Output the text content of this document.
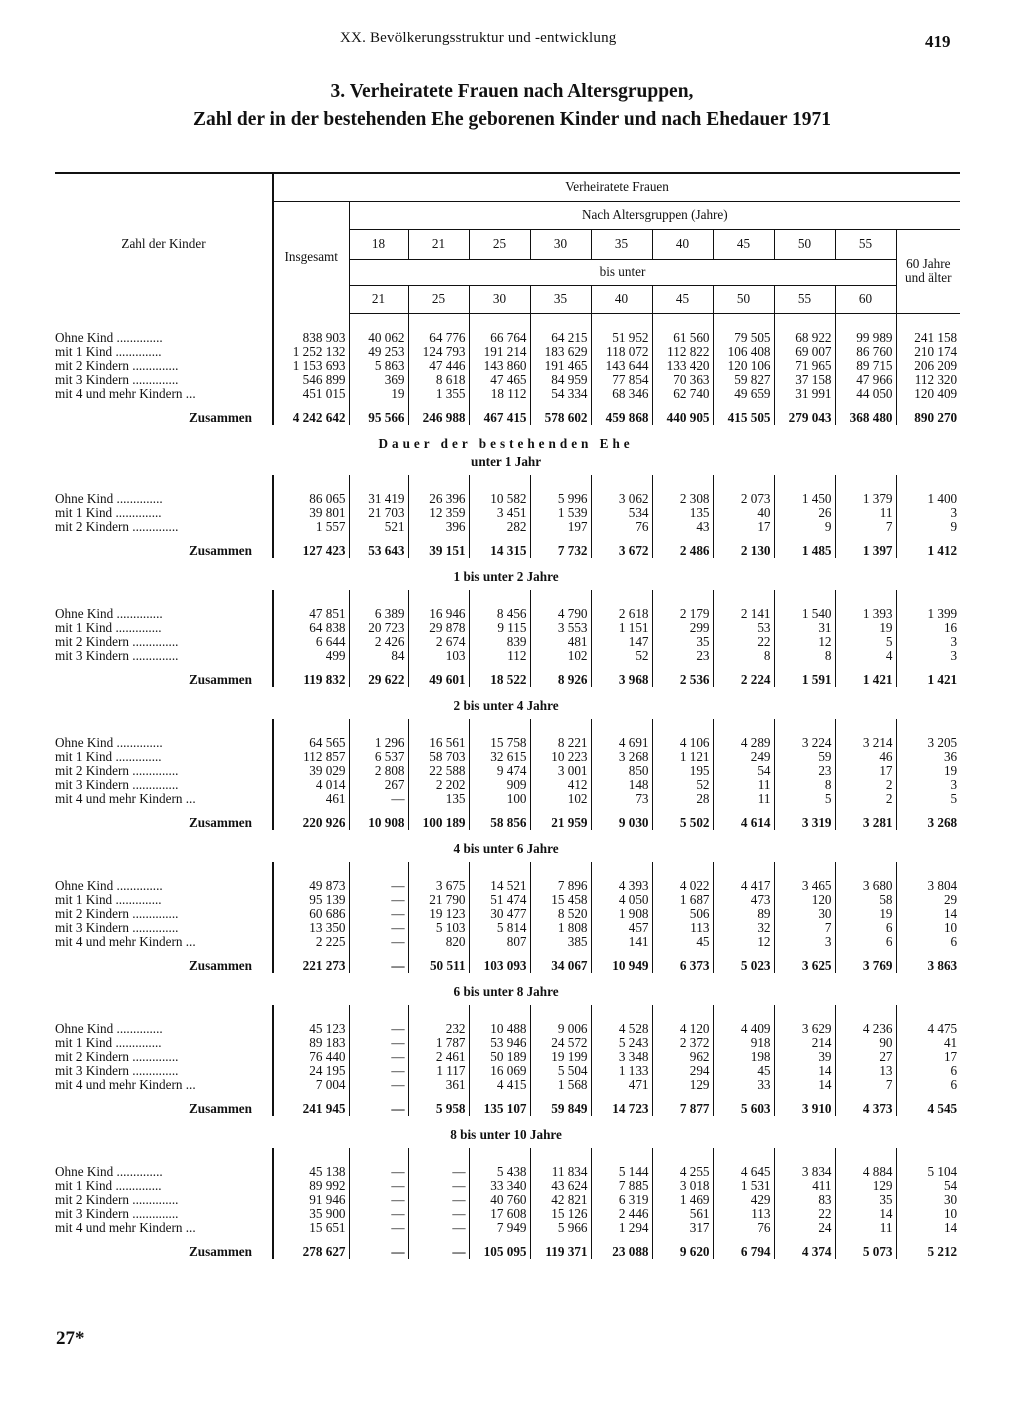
XX. Bevölkerungsstruktur und -entwicklung	419
3. Verheiratete Frauen nach Altersgruppen,
Zahl der in der bestehenden Ehe geborenen Kinder und nach Ehedauer 1971
Zahl der Kinder	Verheiratete Frauen										
	Insgesamt	Nach Altersgruppen (Jahre)									
		18	21	25	30	35	40	45	50	55	60 Jahre und älter
		bis unter									
		21	25	30	35	40	45	50	55	60	

Ohne Kind ..............	838 903	40 062	64 776	66 764	64 215	51 952	61 560	79 505	68 922	99 989	241 158
mit 1 Kind ..............	1 252 132	49 253	124 793	191 214	183 629	118 072	112 822	106 408	69 007	86 760	210 174
mit 2 Kindern ..............	1 153 693	5 863	47 446	143 860	191 465	143 644	133 420	120 106	71 965	89 715	206 209
mit 3 Kindern ..............	546 899	369	8 618	47 465	84 959	77 854	70 363	59 827	37 158	47 966	112 320
mit 4 und mehr Kindern ...	451 015	19	1 355	18 112	54 334	68 346	62 740	49 659	31 991	44 050	120 409
Zusammen	4 242 642	95 566	246 988	467 415	578 602	459 868	440 905	415 505	279 043	368 480	890 270

Dauer der bestehenden Ehe
unter 1 Jahr											

Ohne Kind ..............	86 065	31 419	26 396	10 582	5 996	3 062	2 308	2 073	1 450	1 379	1 400
mit 1 Kind ..............	39 801	21 703	12 359	3 451	1 539	534	135	40	26	11	3
mit 2 Kindern ..............	1 557	521	396	282	197	76	43	17	9	7	9
Zusammen	127 423	53 643	39 151	14 315	7 732	3 672	2 486	2 130	1 485	1 397	1 412

1 bis unter 2 Jahre											

Ohne Kind ..............	47 851	6 389	16 946	8 456	4 790	2 618	2 179	2 141	1 540	1 393	1 399
mit 1 Kind ..............	64 838	20 723	29 878	9 115	3 553	1 151	299	53	31	19	16
mit 2 Kindern ..............	6 644	2 426	2 674	839	481	147	35	22	12	5	3
mit 3 Kindern ..............	499	84	103	112	102	52	23	8	8	4	3
Zusammen	119 832	29 622	49 601	18 522	8 926	3 968	2 536	2 224	1 591	1 421	1 421

2 bis unter 4 Jahre											

Ohne Kind ..............	64 565	1 296	16 561	15 758	8 221	4 691	4 106	4 289	3 224	3 214	3 205
mit 1 Kind ..............	112 857	6 537	58 703	32 615	10 223	3 268	1 121	249	59	46	36
mit 2 Kindern ..............	39 029	2 808	22 588	9 474	3 001	850	195	54	23	17	19
mit 3 Kindern ..............	4 014	267	2 202	909	412	148	52	11	8	2	3
mit 4 und mehr Kindern ...	461	—	135	100	102	73	28	11	5	2	5
Zusammen	220 926	10 908	100 189	58 856	21 959	9 030	5 502	4 614	3 319	3 281	3 268

4 bis unter 6 Jahre											

Ohne Kind ..............	49 873	—	3 675	14 521	7 896	4 393	4 022	4 417	3 465	3 680	3 804
mit 1 Kind ..............	95 139	—	21 790	51 474	15 458	4 050	1 687	473	120	58	29
mit 2 Kindern ..............	60 686	—	19 123	30 477	8 520	1 908	506	89	30	19	14
mit 3 Kindern ..............	13 350	—	5 103	5 814	1 808	457	113	32	7	6	10
mit 4 und mehr Kindern ...	2 225	—	820	807	385	141	45	12	3	6	6
Zusammen	221 273	—	50 511	103 093	34 067	10 949	6 373	5 023	3 625	3 769	3 863

6 bis unter 8 Jahre											

Ohne Kind ..............	45 123	—	232	10 488	9 006	4 528	4 120	4 409	3 629	4 236	4 475
mit 1 Kind ..............	89 183	—	1 787	53 946	24 572	5 243	2 372	918	214	90	41
mit 2 Kindern ..............	76 440	—	2 461	50 189	19 199	3 348	962	198	39	27	17
mit 3 Kindern ..............	24 195	—	1 117	16 069	5 504	1 133	294	45	14	13	6
mit 4 und mehr Kindern ...	7 004	—	361	4 415	1 568	471	129	33	14	7	6
Zusammen	241 945	—	5 958	135 107	59 849	14 723	7 877	5 603	3 910	4 373	4 545

8 bis unter 10 Jahre											

Ohne Kind ..............	45 138	—	—	5 438	11 834	5 144	4 255	4 645	3 834	4 884	5 104
mit 1 Kind ..............	89 992	—	—	33 340	43 624	7 885	3 018	1 531	411	129	54
mit 2 Kindern ..............	91 946	—	—	40 760	42 821	6 319	1 469	429	83	35	30
mit 3 Kindern ..............	35 900	—	—	17 608	15 126	2 446	561	113	22	14	10
mit 4 und mehr Kindern ...	15 651	—	—	7 949	5 966	1 294	317	76	24	11	14
Zusammen	278 627	—	—	105 095	119 371	23 088	9 620	6 794	4 374	5 073	5 212
27*
